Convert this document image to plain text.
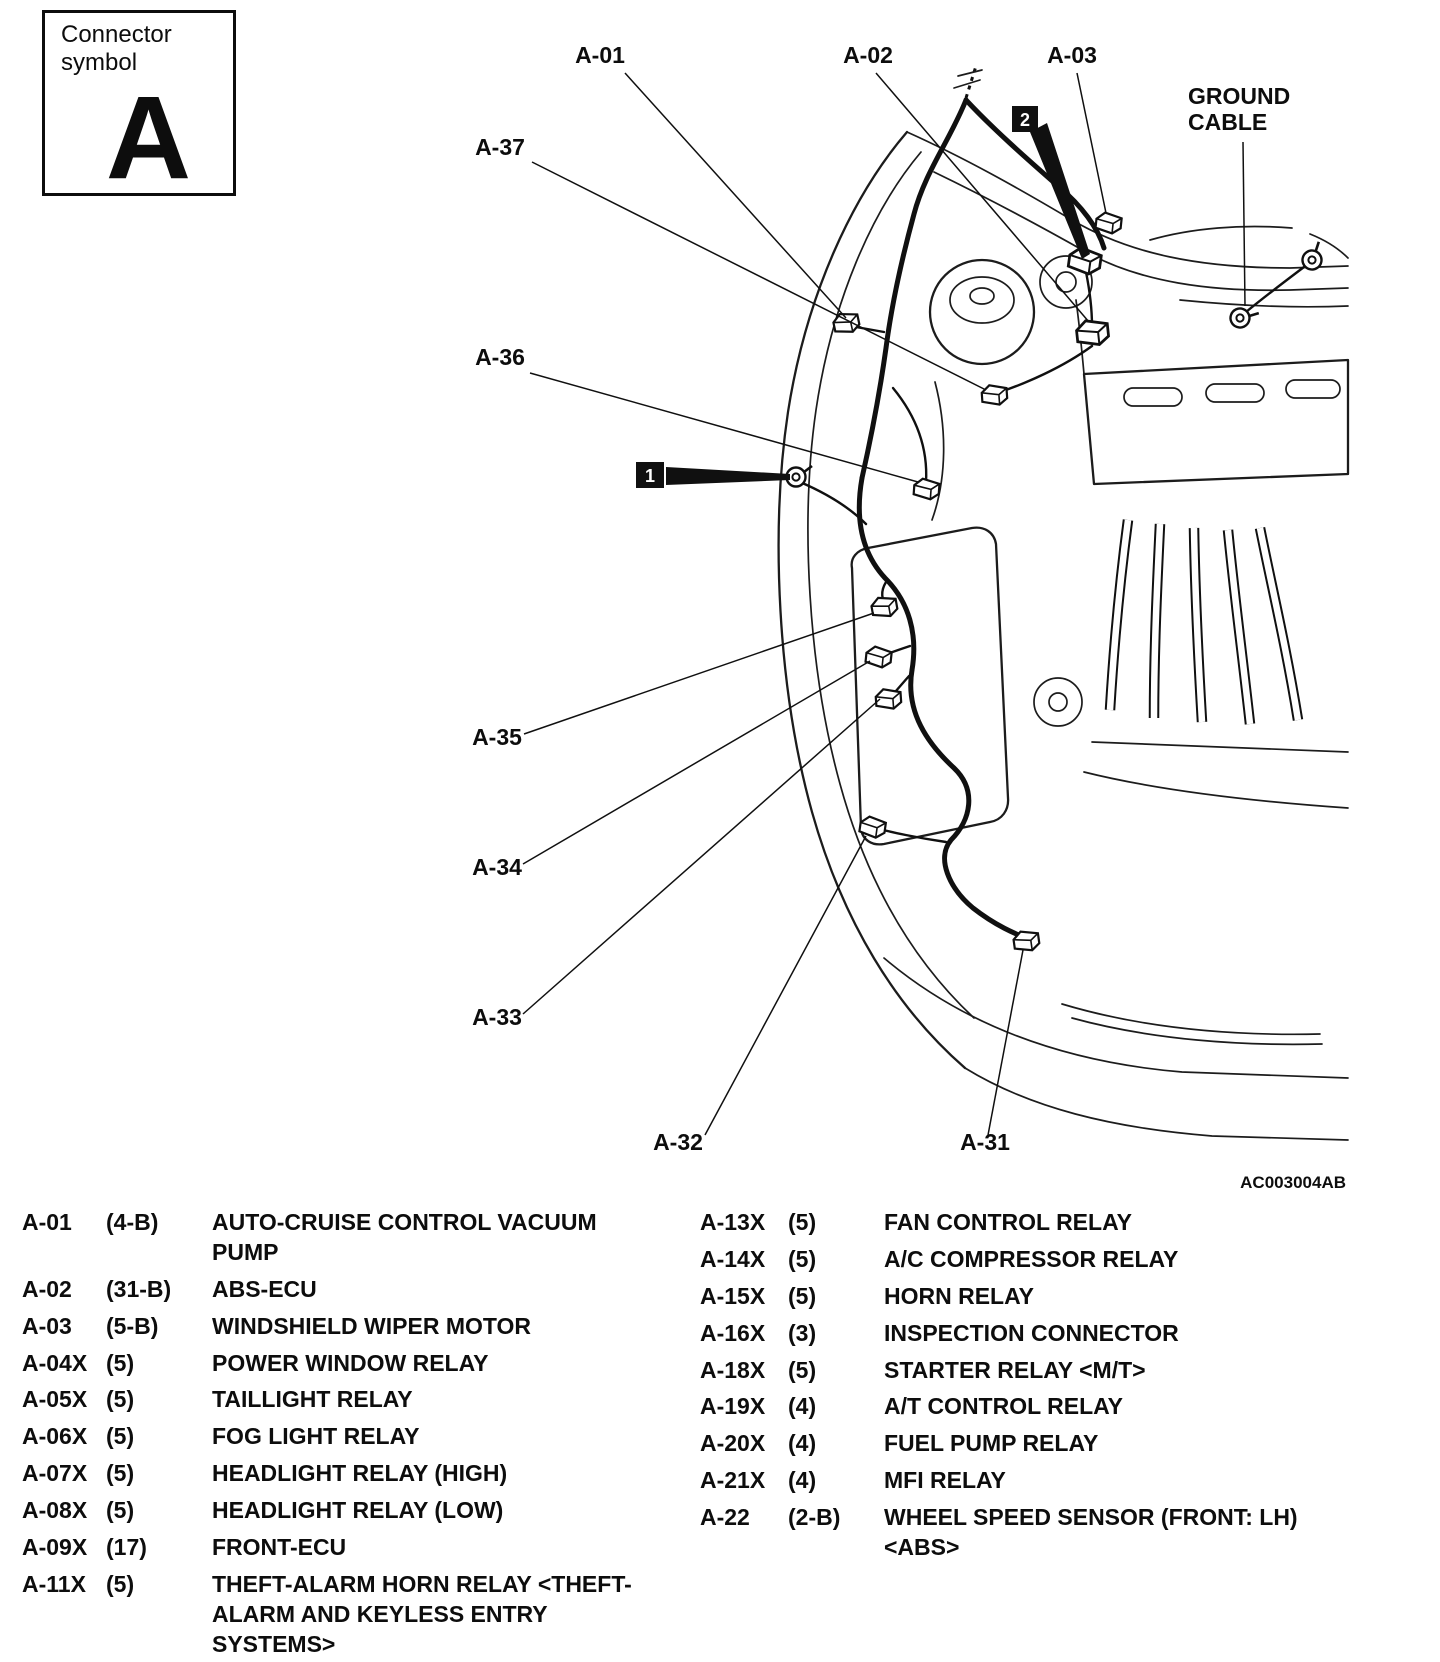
Connector
symbol
A
A-01	A-02	A-03
A-37
A-36
A-35
A-34
A-33
A-32	A-31
GROUND
CABLE
2
1
AC003004AB
A-01	(4-B)	AUTO-CRUISE CONTROL VACUUM PUMP
A-02	(31-B)	ABS-ECU
A-03	(5-B)	WINDSHIELD WIPER MOTOR
A-04X (5)	POWER WINDOW RELAY
A-05X (5)	TAILLIGHT RELAY
A-06X (5)	FOG LIGHT RELAY
A-07X (5)	HEADLIGHT RELAY (HIGH)
A-08X (5)	HEADLIGHT RELAY (LOW)
A-09X (17)	FRONT-ECU
A-11X (5)	THEFT-ALARM HORN RELAY <THEFT-ALARM AND KEYLESS ENTRY SYSTEMS>
A-13X (5)	FAN CONTROL RELAY
A-14X (5)	A/C COMPRESSOR RELAY
A-15X (5)	HORN RELAY
A-16X (3)	INSPECTION CONNECTOR
A-18X (5)	STARTER RELAY <M/T>
A-19X (4)	A/T CONTROL RELAY
A-20X (4)	FUEL PUMP RELAY
A-21X (4)	MFI RELAY
A-22	(2-B)	WHEEL SPEED SENSOR (FRONT: LH) <ABS>
